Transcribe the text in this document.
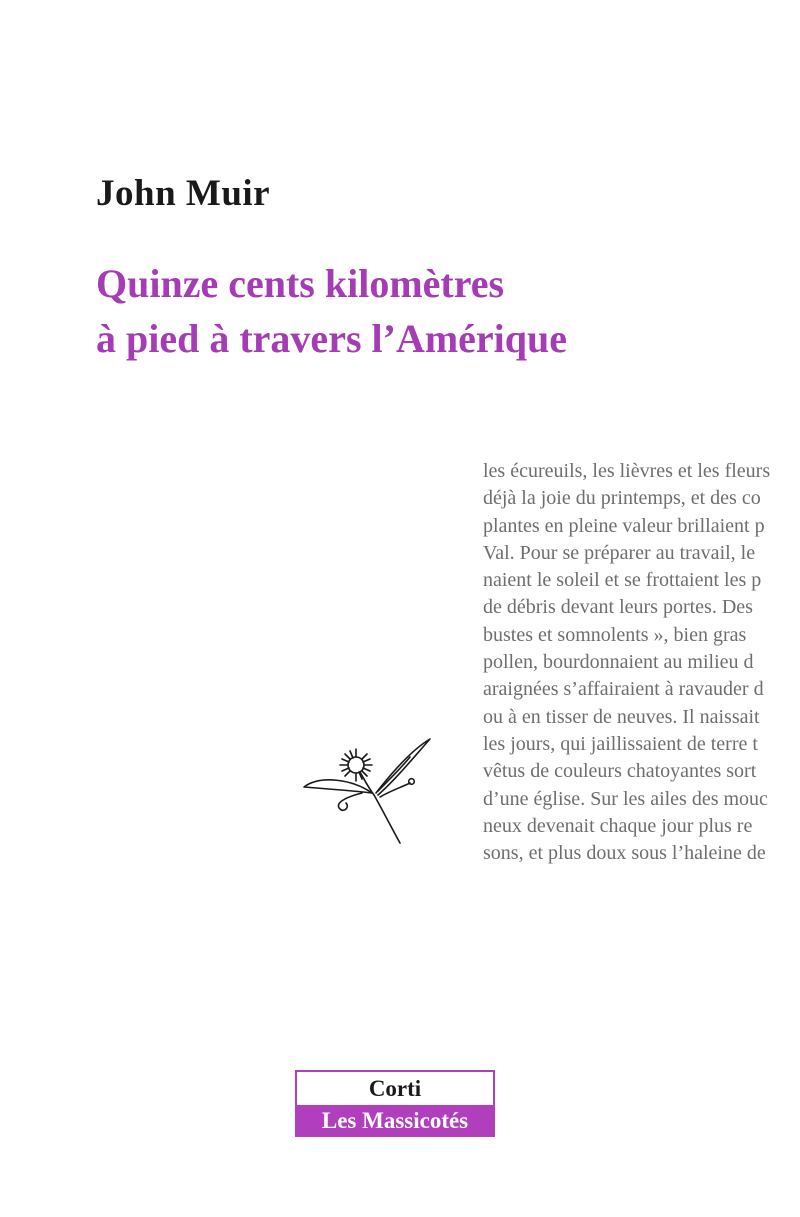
John Muir
Quinze cents kilomètres
à pied à travers l’Amérique
les écureuils, les lièvres et les fleurs
déjà la joie du printemps, et des co
plantes en pleine valeur brillaient p
Val. Pour se préparer au travail, le
naient le soleil et se frottaient les p
de débris devant leurs portes. Des
bustes et somnolents », bien gras
pollen, bourdonnaient au milieu d
araignées s’affairaient à ravauder d
ou à en tisser de neuves. Il naissait
les jours, qui jaillissaient de terre t
vêtus de couleurs chatoyantes sort
d’une église. Sur les ailes des mouc
neux devenait chaque jour plus re
sons, et plus doux sous l’haleine de
Corti
Les Massicotés
